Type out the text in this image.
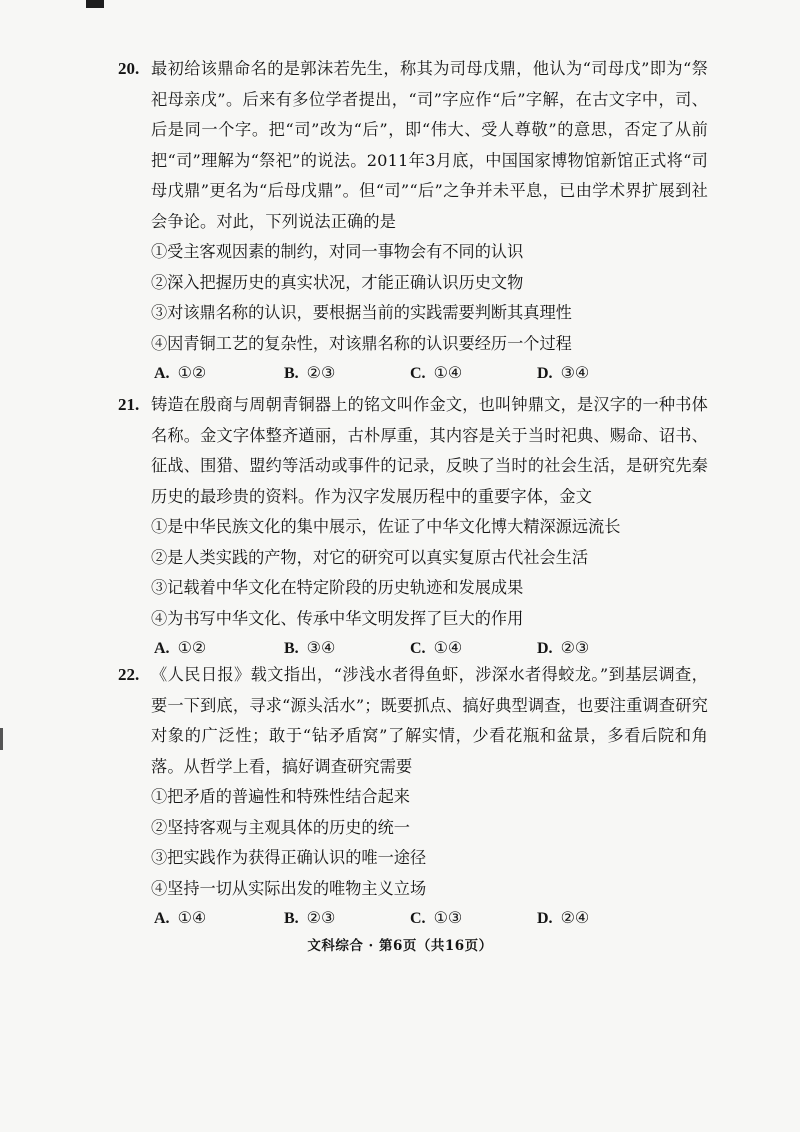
20. 最初给该鼎命名的是郭沫若先生，称其为司母戊鼎，他认为“司母戊”即为“祭祀母亲戊”。后来有多位学者提出，“司”字应作“后”字解，在古文字中，司、后是同一个字。把“司”改为“后”，即“伟大、受人尊敬”的意思，否定了从前把“司”理解为“祭祀”的说法。2011年3月底，中国国家博物馆新馆正式将“司母戊鼎”更名为“后母戊鼎”。但“司”“后”之争并未平息，已由学术界扩展到社会争论。对此，下列说法正确的是
①受主客观因素的制约，对同一事物会有不同的认识
②深入把握历史的真实状况，才能正确认识历史文物
③对该鼎名称的认识，要根据当前的实践需要判断其真理性
④因青铜工艺的复杂性，对该鼎名称的认识要经历一个过程
A. ①②	B. ②③	C. ①④	D. ③④
21. 铸造在殷商与周朝青铜器上的铭文叫作金文，也叫钟鼎文，是汉字的一种书体名称。金文字体整齐遒丽，古朴厚重，其内容是关于当时祀典、赐命、诏书、征战、围猎、盟约等活动或事件的记录，反映了当时的社会生活，是研究先秦历史的最珍贵的资料。作为汉字发展历程中的重要字体，金文
①是中华民族文化的集中展示，佐证了中华文化博大精深源远流长
②是人类实践的产物，对它的研究可以真实复原古代社会生活
③记载着中华文化在特定阶段的历史轨迹和发展成果
④为书写中华文化、传承中华文明发挥了巨大的作用
A. ①②	B. ③④	C. ①④	D. ②③
22. 《人民日报》载文指出，“涉浅水者得鱼虾，涉深水者得蛟龙。”到基层调查，要一下到底，寻求“源头活水”；既要抓点、搞好典型调查，也要注重调查研究对象的广泛性；敢于“钻矛盾窝”了解实情，少看花瓶和盆景，多看后院和角落。从哲学上看，搞好调查研究需要
①把矛盾的普遍性和特殊性结合起来
②坚持客观与主观具体的历史的统一
③把实践作为获得正确认识的唯一途径
④坚持一切从实际出发的唯物主义立场
A. ①④	B. ②③	C. ①③	D. ②④
文科综合 · 第6页（共16页）
